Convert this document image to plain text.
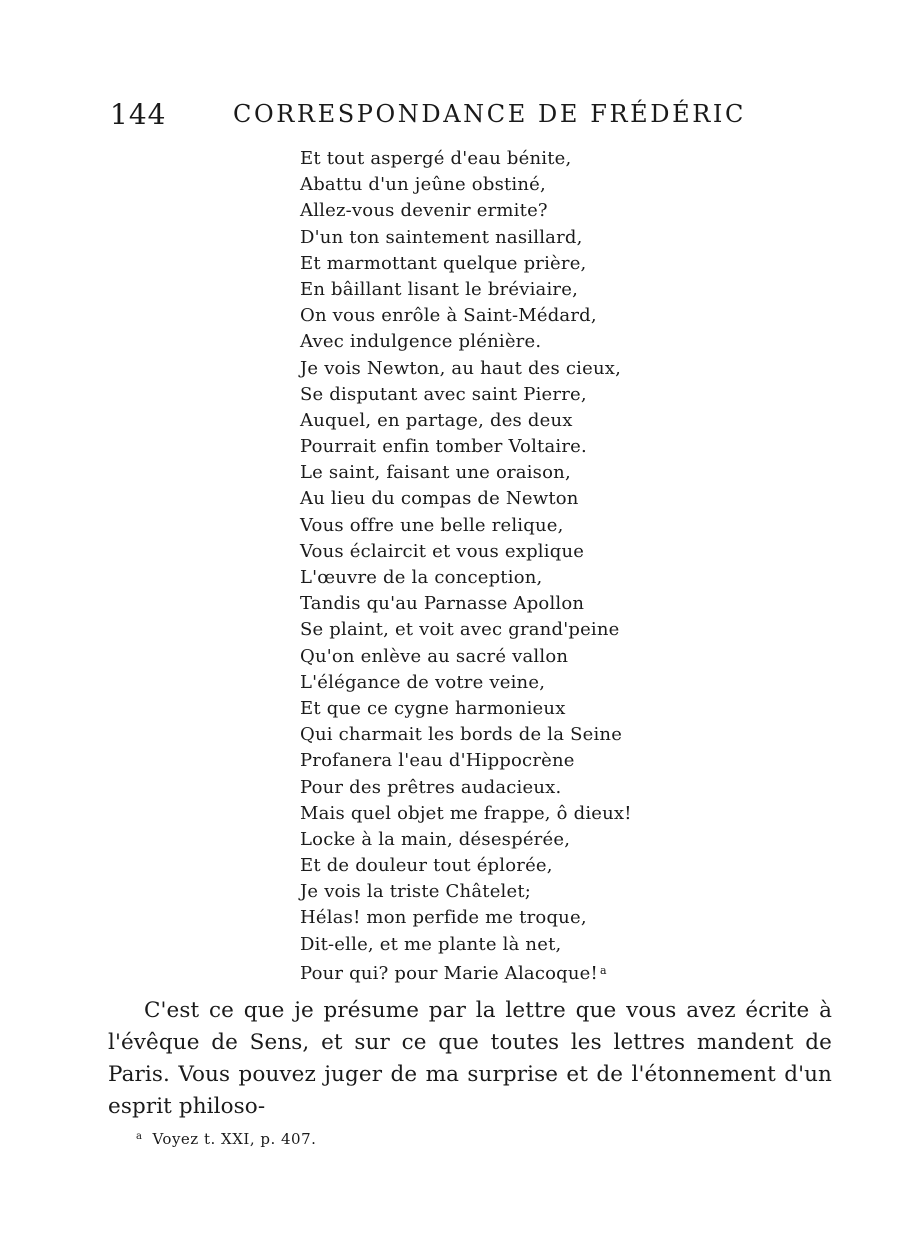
144	CORRESPONDANCE DE FRÉDÉRIC
Et tout aspergé d'eau bénite,
Abattu d'un jeûne obstiné,
Allez-vous devenir ermite?
D'un ton saintement nasillard,
Et marmottant quelque prière,
En bâillant lisant le bréviaire,
On vous enrôle à Saint-Médard,
Avec indulgence plénière.
Je vois Newton, au haut des cieux,
Se disputant avec saint Pierre,
Auquel, en partage, des deux
Pourrait enfin tomber Voltaire.
Le saint, faisant une oraison,
Au lieu du compas de Newton
Vous offre une belle relique,
Vous éclaircit et vous explique
L'œuvre de la conception,
Tandis qu'au Parnasse Apollon
Se plaint, et voit avec grand'peine
Qu'on enlève au sacré vallon
L'élégance de votre veine,
Et que ce cygne harmonieux
Qui charmait les bords de la Seine
Profanera l'eau d'Hippocrène
Pour des prêtres audacieux.
Mais quel objet me frappe, ô dieux!
Locke à la main, désespérée,
Et de douleur tout éplorée,
Je vois la triste Châtelet;
Hélas! mon perfide me troque,
Dit-elle, et me plante là net,
Pour qui? pour Marie Alacoque! $^a$

C'est ce que je présume par la lettre que vous avez écrite à l'évêque de Sens, et sur ce que toutes les lettres mandent de Paris. Vous pouvez juger de ma surprise et de l'étonnement d'un esprit philoso-

$^a$ Voyez t. XXI, p. 407.
